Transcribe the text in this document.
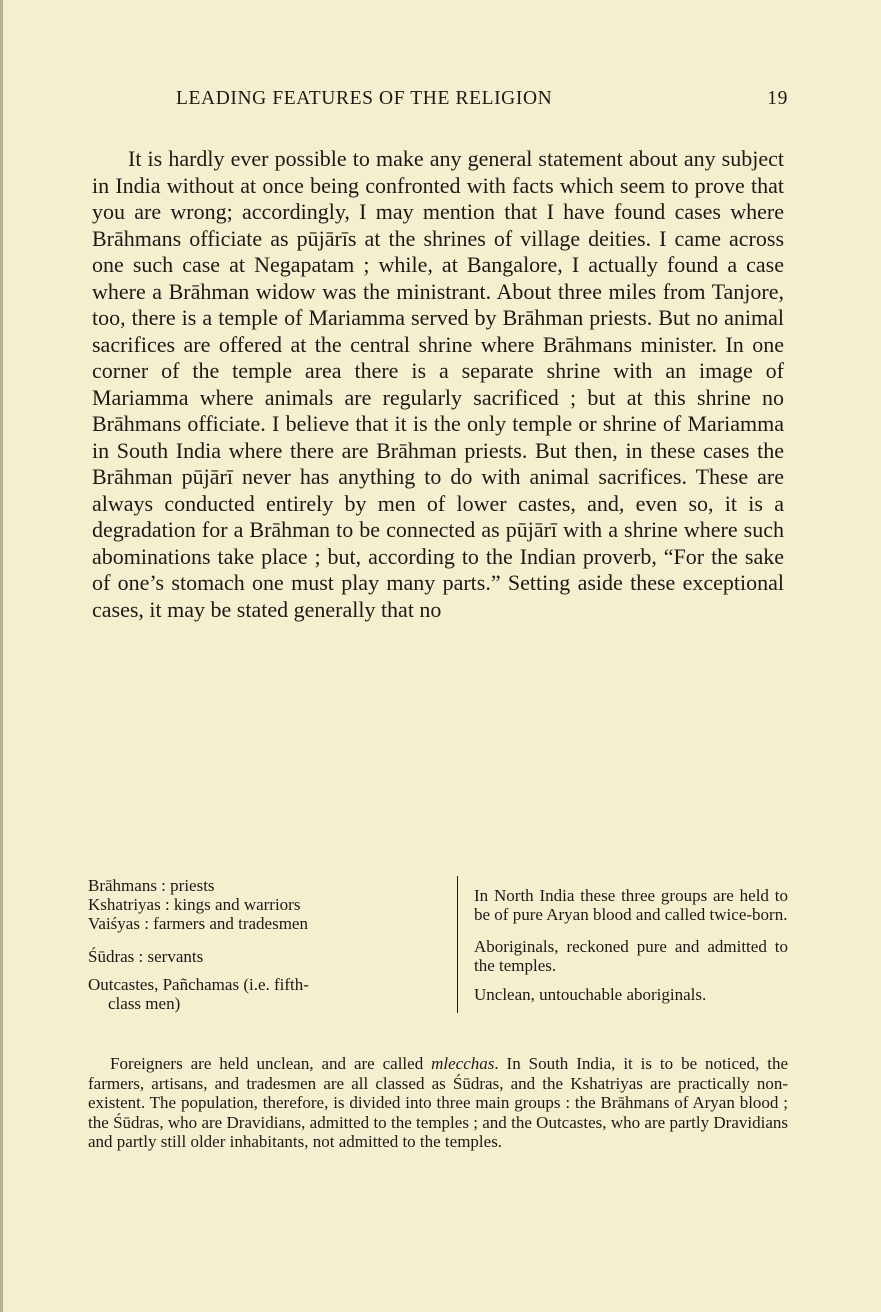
LEADING FEATURES OF THE RELIGION	19

It is hardly ever possible to make any general statement about any subject in India without at once being confronted with facts which seem to prove that you are wrong; accordingly, I may mention that I have found cases where Brāhmans officiate as pūjārīs at the shrines of village deities. I came across one such case at Negapatam ; while, at Bangalore, I actually found a case where a Brāhman widow was the ministrant. About three miles from Tanjore, too, there is a temple of Mariamma served by Brāhman priests. But no animal sacrifices are offered at the central shrine where Brāhmans minister. In one corner of the temple area there is a separate shrine with an image of Mariamma where animals are regularly sacrificed ; but at this shrine no Brāhmans officiate. I believe that it is the only temple or shrine of Mariamma in South India where there are Brāhman priests. But then, in these cases the Brāhman pūjārī never has anything to do with animal sacrifices. These are always conducted entirely by men of lower castes, and, even so, it is a degradation for a Brāhman to be connected as pūjārī with a shrine where such abominations take place ; but, according to the Indian proverb, “For the sake of one’s stomach one must play many parts.” Setting aside these exceptional cases, it may be stated generally that no

Brāhmans : priests
Kshatriyas : kings and warriors
Vaiśyas : farmers and tradesmen		In North India these three groups are held to be of pure Aryan blood and called twice-born.
Śūdras : servants		Aboriginals, reckoned pure and admitted to the temples.

Outcastes, Pañchamas (i.e. fifth-
class men)		Unclean, untouchable aboriginals.

Foreigners are held unclean, and are called mlecchas. In South India, it is to be noticed, the farmers, artisans, and tradesmen are all classed as Śūdras, and the Kshatriyas are practically non-existent. The population, therefore, is divided into three main groups : the Brāhmans of Aryan blood ; the Śūdras, who are Dravidians, admitted to the temples ; and the Outcastes, who are partly Dravidians and partly still older inhabitants, not admitted to the temples.
